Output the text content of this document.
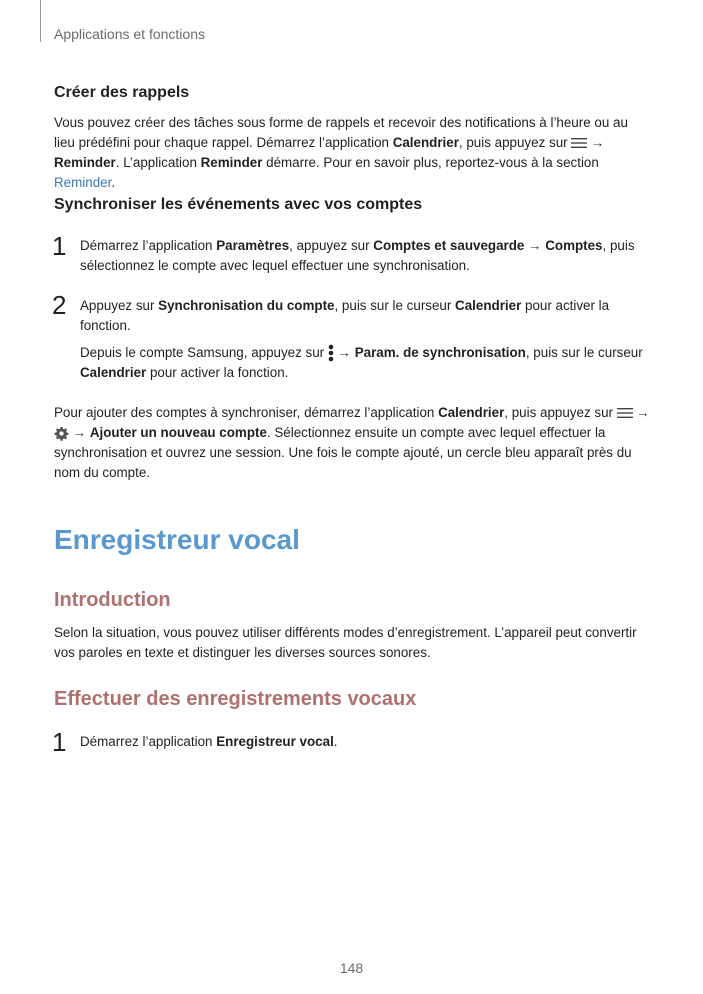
Applications et fonctions
Créer des rappels
Vous pouvez créer des tâches sous forme de rappels et recevoir des notifications à l’heure ou au lieu prédéfini pour chaque rappel. Démarrez l’application Calendrier, puis appuyez sur  → Reminder. L’application Reminder démarre. Pour en savoir plus, reportez-vous à la section Reminder.
Synchroniser les événements avec vos comptes
1 Démarrez l’application Paramètres, appuyez sur Comptes et sauvegarde → Comptes, puis sélectionnez le compte avec lequel effectuer une synchronisation.
2 Appuyez sur Synchronisation du compte, puis sur le curseur Calendrier pour activer la fonction.
Depuis le compte Samsung, appuyez sur  → Param. de synchronisation, puis sur le curseur Calendrier pour activer la fonction.
Pour ajouter des comptes à synchroniser, démarrez l’application Calendrier, puis appuyez sur  →  → Ajouter un nouveau compte. Sélectionnez ensuite un compte avec lequel effectuer la synchronisation et ouvrez une session. Une fois le compte ajouté, un cercle bleu apparaît près du nom du compte.
Enregistreur vocal
Introduction
Selon la situation, vous pouvez utiliser différents modes d’enregistrement. L’appareil peut convertir vos paroles en texte et distinguer les diverses sources sonores.
Effectuer des enregistrements vocaux
1 Démarrez l’application Enregistreur vocal.
148
